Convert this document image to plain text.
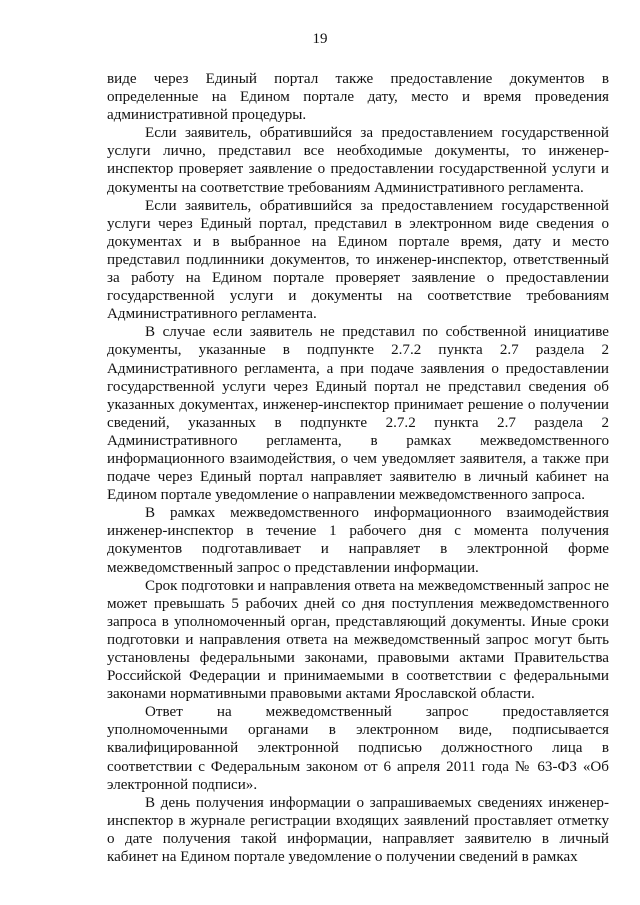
19

виде через Единый портал также предоставление документов в определенные на Едином портале дату, место и время проведения административной процедуры.

Если заявитель, обратившийся за предоставлением государственной услуги лично, представил все необходимые документы, то инженер-инспектор проверяет заявление о предоставлении государственной услуги и документы на соответствие требованиям Административного регламента.

Если заявитель, обратившийся за предоставлением государственной услуги через Единый портал, представил в электронном виде сведения о документах и в выбранное на Едином портале время, дату и место представил подлинники документов, то инженер-инспектор, ответственный за работу на Едином портале проверяет заявление о предоставлении государственной услуги и документы на соответствие требованиям Административного регламента.

В случае если заявитель не представил по собственной инициативе документы, указанные в подпункте 2.7.2 пункта 2.7 раздела 2 Административного регламента, а при подаче заявления о предоставлении государственной услуги через Единый портал не представил сведения об указанных документах, инженер-инспектор принимает решение о получении сведений, указанных в подпункте 2.7.2 пункта 2.7 раздела 2 Административного регламента, в рамках межведомственного информационного взаимодействия, о чем уведомляет заявителя, а также при подаче через Единый портал направляет заявителю в личный кабинет на Едином портале уведомление о направлении межведомственного запроса.

В рамках межведомственного информационного взаимодействия инженер-инспектор в течение 1 рабочего дня с момента получения документов подготавливает и направляет в электронной форме межведомственный запрос о представлении информации.

Срок подготовки и направления ответа на межведомственный запрос не может превышать 5 рабочих дней со дня поступления межведомственного запроса в уполномоченный орган, представляющий документы. Иные сроки подготовки и направления ответа на межведомственный запрос могут быть установлены федеральными законами, правовыми актами Правительства Российской Федерации и принимаемыми в соответствии с федеральными законами нормативными правовыми актами Ярославской области.

Ответ на межведомственный запрос предоставляется уполномоченными органами в электронном виде, подписывается квалифицированной электронной подписью должностного лица в соответствии с Федеральным законом от 6 апреля 2011 года № 63-ФЗ «Об электронной подписи».

В день получения информации о запрашиваемых сведениях инженер-инспектор в журнале регистрации входящих заявлений проставляет отметку о дате получения такой информации, направляет заявителю в личный кабинет на Едином портале уведомление о получении сведений в рамках
